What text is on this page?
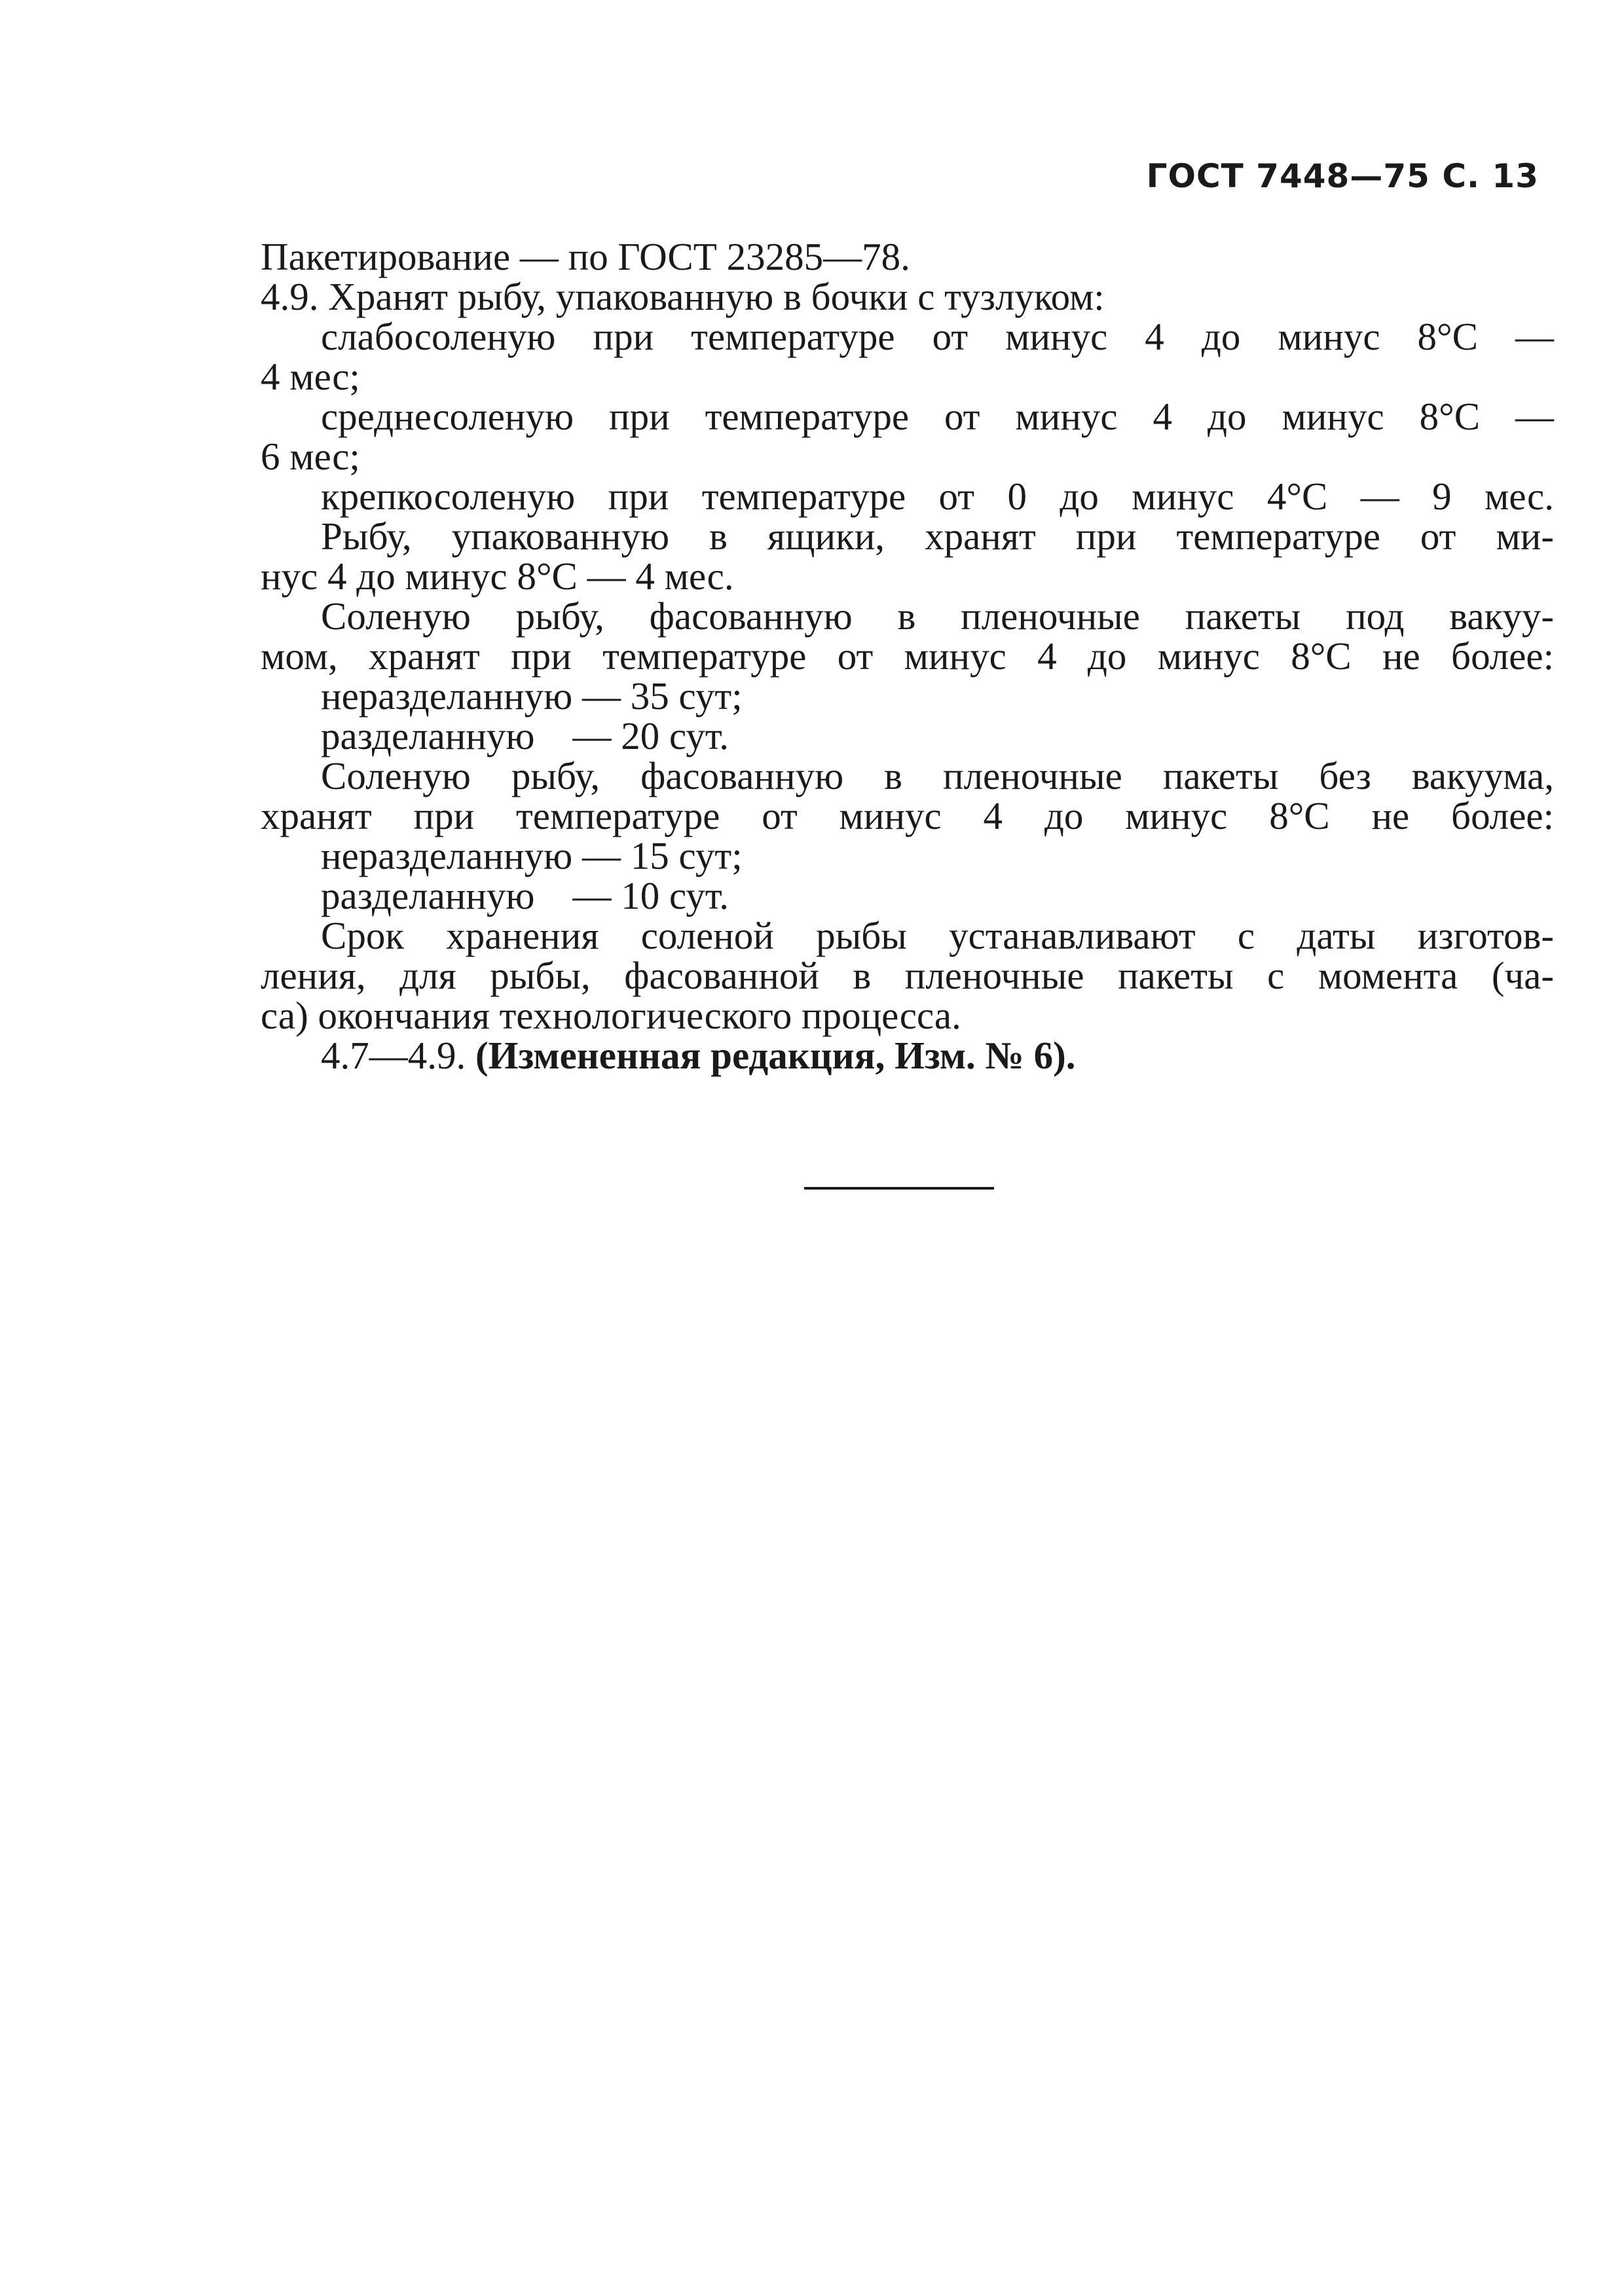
ГОСТ 7448—75 С. 13
Пакетирование — по ГОСТ 23285—78.
4.9. Хранят рыбу, упакованную в бочки с тузлуком:
слабосоленую при температуре от минус 4 до минус 8°С —
4 мес;
среднесоленую при температуре от минус 4 до минус 8°С —
6 мес;
крепкосоленую при температуре от 0 до минус 4°С — 9 мес.
Рыбу, упакованную в ящики, хранят при температуре от ми-
нус 4 до минус 8°С — 4 мес.
Соленую рыбу, фасованную в пленочные пакеты под вакуу-
мом, хранят при температуре от минус 4 до минус 8°С не более:
неразделанную — 35 сут;
разделанную — 20 сут.
Соленую рыбу, фасованную в пленочные пакеты без вакуума,
хранят при температуре от минус 4 до минус 8°С не более:
неразделанную — 15 сут;
разделанную — 10 сут.
Срок хранения соленой рыбы устанавливают с даты изготов-
ления, для рыбы, фасованной в пленочные пакеты с момента (ча-
са) окончания технологического процесса.
4.7—4.9. (Измененная редакция, Изм. № 6).
